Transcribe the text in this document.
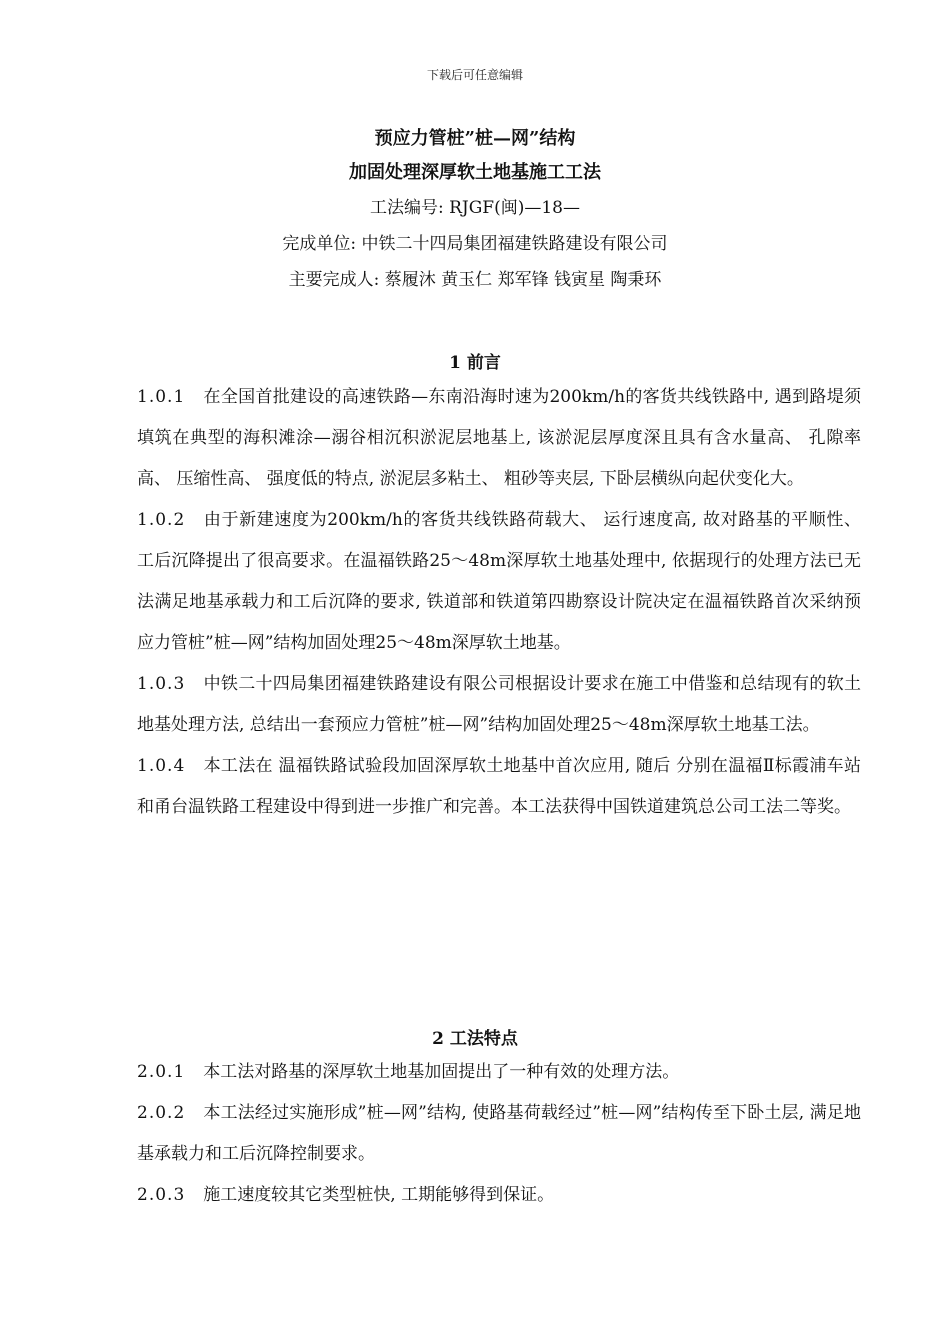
下载后可任意编辑

预应力管桩”桩—网”结构

加固处理深厚软土地基施工工法

工法编号: RJGF(闽)—18—

完成单位: 中铁二十四局集团福建铁路建设有限公司

主要完成人: 蔡履沐 黄玉仁 郑军锋 钱寅星 陶秉环

1 前言

1.0.1 在全国首批建设的高速铁路—东南沿海时速为200km/h的客货共线铁路中, 遇到路堤须填筑在典型的海积滩涂—溺谷相沉积淤泥层地基上, 该淤泥层厚度深且具有含水量高、 孔隙率高、 压缩性高、 强度低的特点, 淤泥层多粘土、 粗砂等夹层, 下卧层横纵向起伏变化大。

1.0.2 由于新建速度为200km/h的客货共线铁路荷载大、 运行速度高, 故对路基的平顺性、 工后沉降提出了很高要求。在温福铁路25～48m深厚软土地基处理中, 依据现行的处理方法已无法满足地基承载力和工后沉降的要求, 铁道部和铁道第四勘察设计院决定在温福铁路首次采纳预应力管桩”桩—网”结构加固处理25～48m深厚软土地基。

1.0.3 中铁二十四局集团福建铁路建设有限公司根据设计要求在施工中借鉴和总结现有的软土地基处理方法, 总结出一套预应力管桩”桩—网”结构加固处理25～48m深厚软土地基工法。

1.0.4 本工法在 温福铁路试验段加固深厚软土地基中首次应用, 随后 分别在温福Ⅱ标霞浦车站和甬台温铁路工程建设中得到进一步推广和完善。本工法获得中国铁道建筑总公司工法二等奖。

2 工法特点

2.0.1 本工法对路基的深厚软土地基加固提出了一种有效的处理方法。

2.0.2 本工法经过实施形成”桩—网”结构, 使路基荷载经过”桩—网”结构传至下卧土层, 满足地基承载力和工后沉降控制要求。

2.0.3 施工速度较其它类型桩快, 工期能够得到保证。
